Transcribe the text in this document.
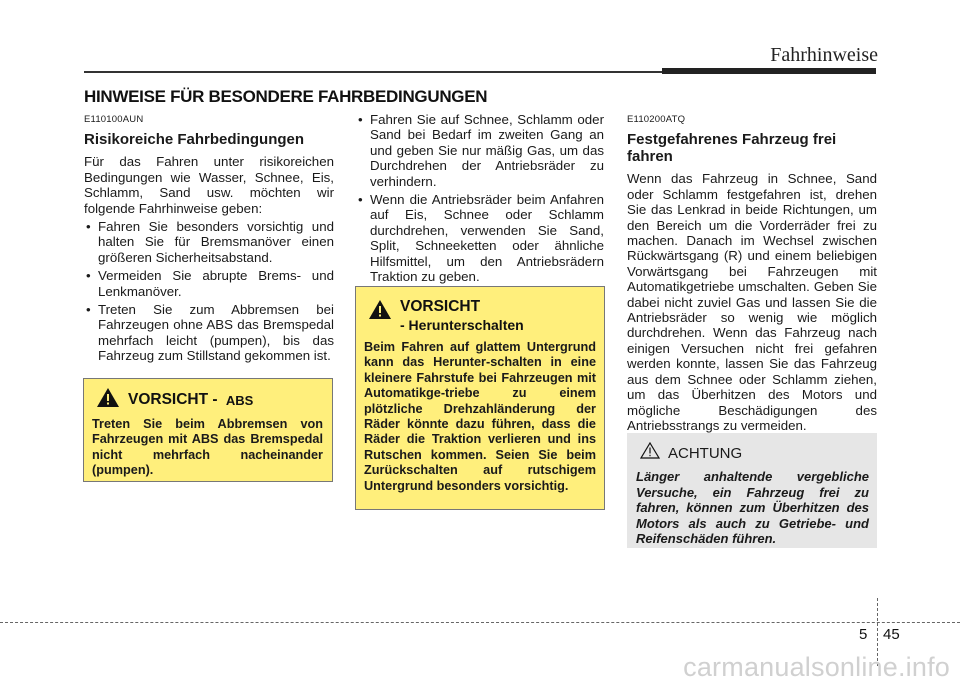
Fahrhinweise
HINWEISE FÜR BESONDERE FAHRBEDINGUNGEN

E110100AUN

Risikoreiche Fahrbedingungen

Für das Fahren unter risikoreichen Bedingungen wie Wasser, Schnee, Eis, Schlamm, Sand usw. möchten wir folgende Fahrhinweise geben:

• Fahren Sie besonders vorsichtig und halten Sie für Bremsmanöver einen größeren Sicherheitsabstand.
• Vermeiden Sie abrupte Brems- und Lenkmanöver.
• Treten Sie zum Abbremsen bei Fahrzeugen ohne ABS das Bremspedal mehrfach leicht (pumpen), bis das Fahrzeug zum Stillstand gekommen ist.
VORSICHT - ABS
Treten Sie beim Abbremsen von Fahrzeugen mit ABS das Bremspedal nicht mehrfach nacheinander (pumpen).
• Fahren Sie auf Schnee, Schlamm oder Sand bei Bedarf im zweiten Gang an und geben Sie nur mäßig Gas, um das Durchdrehen der Antriebsräder zu verhindern.
• Wenn die Antriebsräder beim Anfahren auf Eis, Schnee oder Schlamm durchdrehen, verwenden Sie Sand, Split, Schneeketten oder ähnliche Hilfsmittel, um den Antriebsrädern Traktion zu geben.
VORSICHT
- Herunterschalten
Beim Fahren auf glattem Untergrund kann das Herunter-schalten in eine kleinere Fahrstufe bei Fahrzeugen mit Automatikge-triebe zu einem plötzliche Drehzahländerung der Räder könnte dazu führen, dass die Räder die Traktion verlieren und ins Rutschen kommen. Seien Sie beim Zurückschalten auf rutschigem Untergrund besonders vorsichtig.

E110200ATQ

Festgefahrenes Fahrzeug frei fahren

Wenn das Fahrzeug in Schnee, Sand oder Schlamm festgefahren ist, drehen Sie das Lenkrad in beide Richtungen, um den Bereich um die Vorderräder frei zu machen. Danach im Wechsel zwischen Rückwärtsgang (R) und einem beliebigen Vorwärtsgang bei Fahrzeugen mit Automatikgetriebe umschalten. Geben Sie dabei nicht zuviel Gas und lassen Sie die Antriebsräder so wenig wie möglich durchdrehen. Wenn das Fahrzeug nach einigen Versuchen nicht frei gefahren werden konnte, lassen Sie das Fahrzeug aus dem Schnee oder Schlamm ziehen, um das Überhitzen des Motors und mögliche Beschädigungen des Antriebsstrangs zu vermeiden.

ACHTUNG
Länger anhaltende vergebliche Versuche, ein Fahrzeug frei zu fahren, können zum Überhitzen des Motors als auch zu Getriebe- und Reifenschäden führen.
5 45
carmanualsonline.info
